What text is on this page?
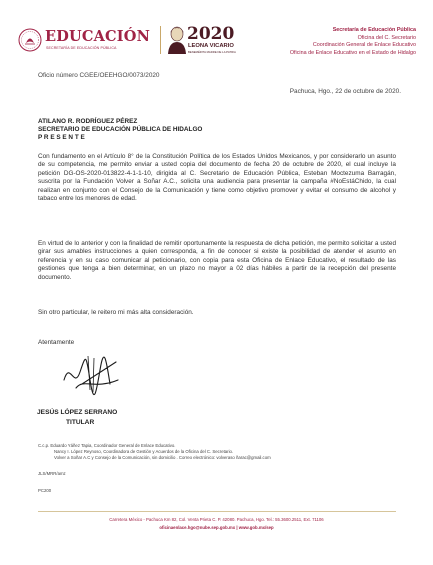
EDUCACIÓN
SECRETARÍA DE EDUCACIÓN PÚBLICA
2020
LEONA VICARIO
BENEMÉRITA MADRE DE LA PATRIA
Secretaría de Educación Pública
Oficina del C. Secretario
Coordinación General de Enlace Educativo
Oficina de Enlace Educativo en el Estado de Hidalgo
Oficio número CGEE/OEEHGO/0073/2020
Pachuca, Hgo., 22 de octubre de 2020.
ATILANO R. RODRÍGUEZ PÉREZ
SECRETARIO DE EDUCACIÓN PÚBLICA DE HIDALGO
P R E S E N T E

Con fundamento en el Artículo 8° de la Constitución Política de los Estados Unidos Mexicanos, y por considerarlo un asunto de su competencia, me permito enviar a usted copia del documento de fecha 20 de octubre de 2020, el cual incluye la petición DG-OS-2020-013822-4-1-1-10, dirigida al C. Secretario de Educación Pública, Esteban Moctezuma Barragán, suscrita por la Fundación Volver a Soñar A.C., solicita una audiencia para presentar la campaña #NoEstáChido, la cual realizan en conjunto con el Consejo de la Comunicación y tiene como objetivo promover y evitar el consumo de alcohol y tabaco entre los menores de edad.

En virtud de lo anterior y con la finalidad de remitir oportunamente la respuesta de dicha petición, me permito solicitar a usted girar sus amables instrucciones a quien corresponda, a fin de conocer si existe la posibilidad de atender el asunto en referencia y en su caso comunicar al peticionario, con copia para esta Oficina de Enlace Educativo, el resultado de las gestiones que tenga a bien determinar, en un plazo no mayor a 02 días hábiles a partir de la recepción del presente documento.

Sin otro particular, le reitero mi más alta consideración.

Atentamente
JESÚS LÓPEZ SERRANO
TITULAR
C.c.p. Eduardo Yáñez Tapia, Coordinador General de Enlace Educativo.
Nancy I. López Reynoso, Coordinadora de Gestión y Acuerdos de la Oficina del C. Secretario.
Volver a Soñar A.C y Consejo de la Comunicación, sin domicilio . Correo electrónico: volveraso ñarac@gmail.com
JLS/MRR/amz
PC200
Carretera México - Pachuca Km 82, Col. Venta Prieta C. P. 42080. Pachuca, Hgo. Tel.: 55.3600.2511, Ext. 71106
oficinaenlace.hgo@nube.sep.gob.mx | www.gob.mx/sep
